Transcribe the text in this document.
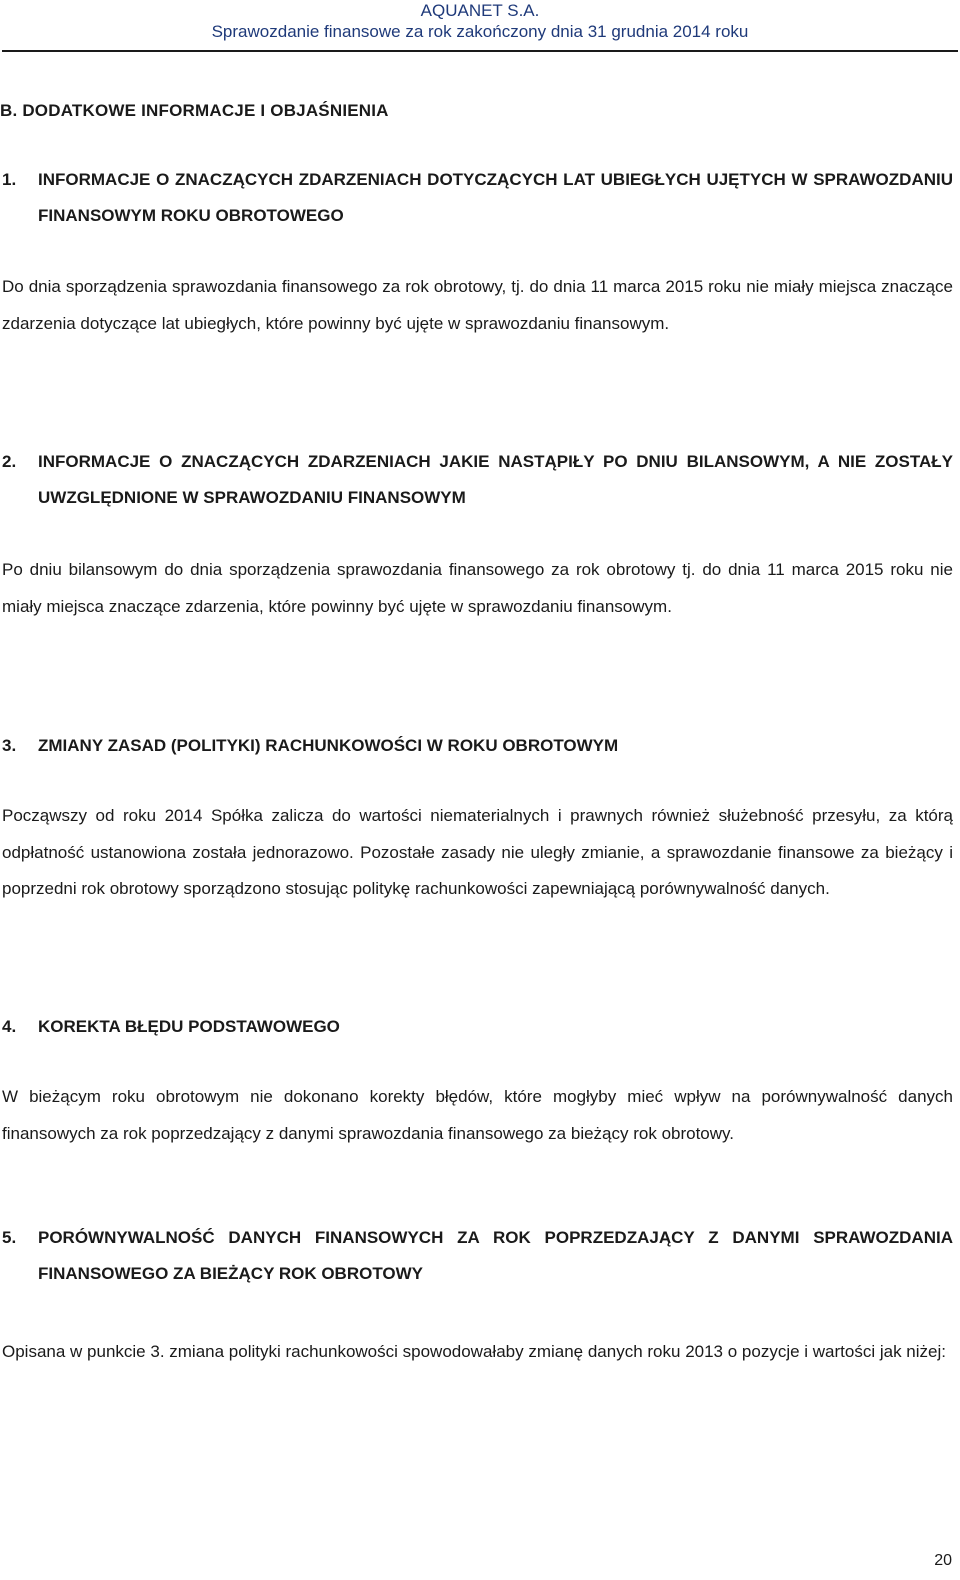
AQUANET S.A.
Sprawozdanie finansowe za rok zakończony dnia 31 grudnia 2014 roku
B. DODATKOWE INFORMACJE I OBJAŚNIENIA
1. INFORMACJE O ZNACZĄCYCH ZDARZENIACH DOTYCZĄCYCH LAT UBIEGŁYCH UJĘTYCH W SPRAWOZDANIU FINANSOWYM ROKU OBROTOWEGO
Do dnia sporządzenia sprawozdania finansowego za rok obrotowy, tj. do dnia 11 marca 2015 roku nie miały miejsca znaczące zdarzenia dotyczące lat ubiegłych, które powinny być ujęte w sprawozdaniu finansowym.
2. INFORMACJE O ZNACZĄCYCH ZDARZENIACH JAKIE NASTĄPIŁY PO DNIU BILANSOWYM, A NIE ZOSTAŁY UWZGLĘDNIONE W SPRAWOZDANIU FINANSOWYM
Po dniu bilansowym do dnia sporządzenia sprawozdania finansowego za rok obrotowy tj. do dnia 11 marca 2015 roku nie miały miejsca znaczące zdarzenia, które powinny być ujęte w sprawozdaniu finansowym.
3. ZMIANY ZASAD (POLITYKI) RACHUNKOWOŚCI W ROKU OBROTOWYM
Począwszy od roku 2014 Spółka zalicza do wartości niematerialnych i prawnych również służebność przesyłu, za którą odpłatność ustanowiona została jednorazowo. Pozostałe zasady nie uległy zmianie, a sprawozdanie finansowe za bieżący i poprzedni rok obrotowy sporządzono stosując politykę rachunkowości zapewniającą porównywalność danych.
4. KOREKTA BŁĘDU PODSTAWOWEGO
W bieżącym roku obrotowym nie dokonano korekty błędów, które mogłyby mieć wpływ na porównywalność danych finansowych za rok poprzedzający z danymi sprawozdania finansowego za bieżący rok obrotowy.
5. PORÓWNYWALNOŚĆ DANYCH FINANSOWYCH ZA ROK POPRZEDZAJĄCY Z DANYMI SPRAWOZDANIA FINANSOWEGO ZA BIEŻĄCY ROK OBROTOWY
Opisana w punkcie 3. zmiana polityki rachunkowości spowodowałaby zmianę danych roku 2013 o pozycje i wartości jak niżej:
20
